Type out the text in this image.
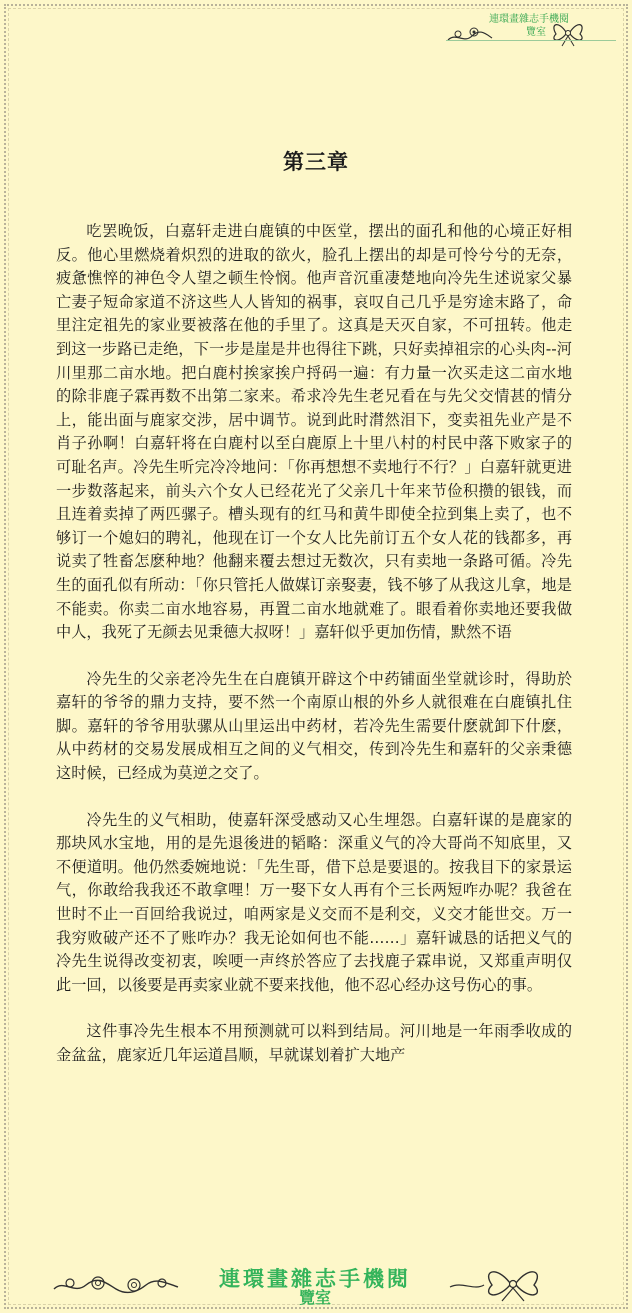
連環畫雜志手機閱
覽室
第三章

吃罢晚饭，白嘉轩走进白鹿镇的中医堂，摆出的面孔和他的心境正好相反。他心里燃烧着炽烈的进取的欲火，脸孔上摆出的却是可怜兮兮的无奈，疲惫憔悴的神色令人望之顿生怜悯。他声音沉重凄楚地向冷先生述说家父暴亡妻子短命家道不济这些人人皆知的祸事，哀叹自己几乎是穷途末路了，命里注定祖先的家业要被落在他的手里了。这真是天灭自家，不可扭转。他走到这一步路已走绝，下一步是崖是井也得往下跳，只好卖掉祖宗的心头肉--河川里那二亩水地。把白鹿村挨家挨户捋码一遍：有力量一次买走这二亩水地的除非鹿子霖再数不出第二家来。希求冷先生老兄看在与先父交情甚的情分上，能出面与鹿家交涉，居中调节。说到此时潸然泪下，变卖祖先业产是不肖子孙啊！白嘉轩将在白鹿村以至白鹿原上十里八村的村民中落下败家子的可耻名声。冷先生听完冷冷地问：「你再想想不卖地行不行？」白嘉轩就更进一步数落起来，前头六个女人已经花光了父亲几十年来节俭积攒的银钱，而且连着卖掉了两匹骡子。槽头现有的红马和黄牛即使全拉到集上卖了，也不够订一个媳妇的聘礼，他现在订一个女人比先前订五个女人花的钱都多，再说卖了牲畜怎麽种地？他翻来覆去想过无数次，只有卖地一条路可循。冷先生的面孔似有所动：「你只管托人做媒订亲娶妻，钱不够了从我这儿拿，地是不能卖。你卖二亩水地容易，再置二亩水地就难了。眼看着你卖地还要我做中人，我死了无颜去见秉德大叔呀！」嘉轩似乎更加伤情，默然不语

冷先生的父亲老冷先生在白鹿镇开辟这个中药铺面坐堂就诊时，得助於嘉轩的爷爷的鼎力支持，要不然一个南原山根的外乡人就很难在白鹿镇扎住脚。嘉轩的爷爷用驮骡从山里运出中药材，若冷先生需要什麽就卸下什麽，从中药材的交易发展成相互之间的义气相交，传到冷先生和嘉轩的父亲秉德这时候，已经成为莫逆之交了。

冷先生的义气相助，使嘉轩深受感动又心生埋怨。白嘉轩谋的是鹿家的那块风水宝地，用的是先退後进的韬略：深重义气的冷大哥尚不知底里，又不便道明。他仍然委婉地说：「先生哥，借下总是要退的。按我目下的家景运气，你敢给我我还不敢拿哩！万一娶下女人再有个三长两短咋办呢？我爸在世时不止一百回给我说过，咱两家是义交而不是利交，义交才能世交。万一我穷败破产还不了账咋办？我无论如何也不能……」嘉轩诚恳的话把义气的冷先生说得改变初衷，唉哽一声终於答应了去找鹿子霖串说，又郑重声明仅此一回，以後要是再卖家业就不要来找他，他不忍心经办这号伤心的事。

这件事冷先生根本不用预测就可以料到结局。河川地是一年雨季收成的金盆盆，鹿家近几年运道昌顺，早就谋划着扩大地产

連環畫雜志手機閱
覽室
